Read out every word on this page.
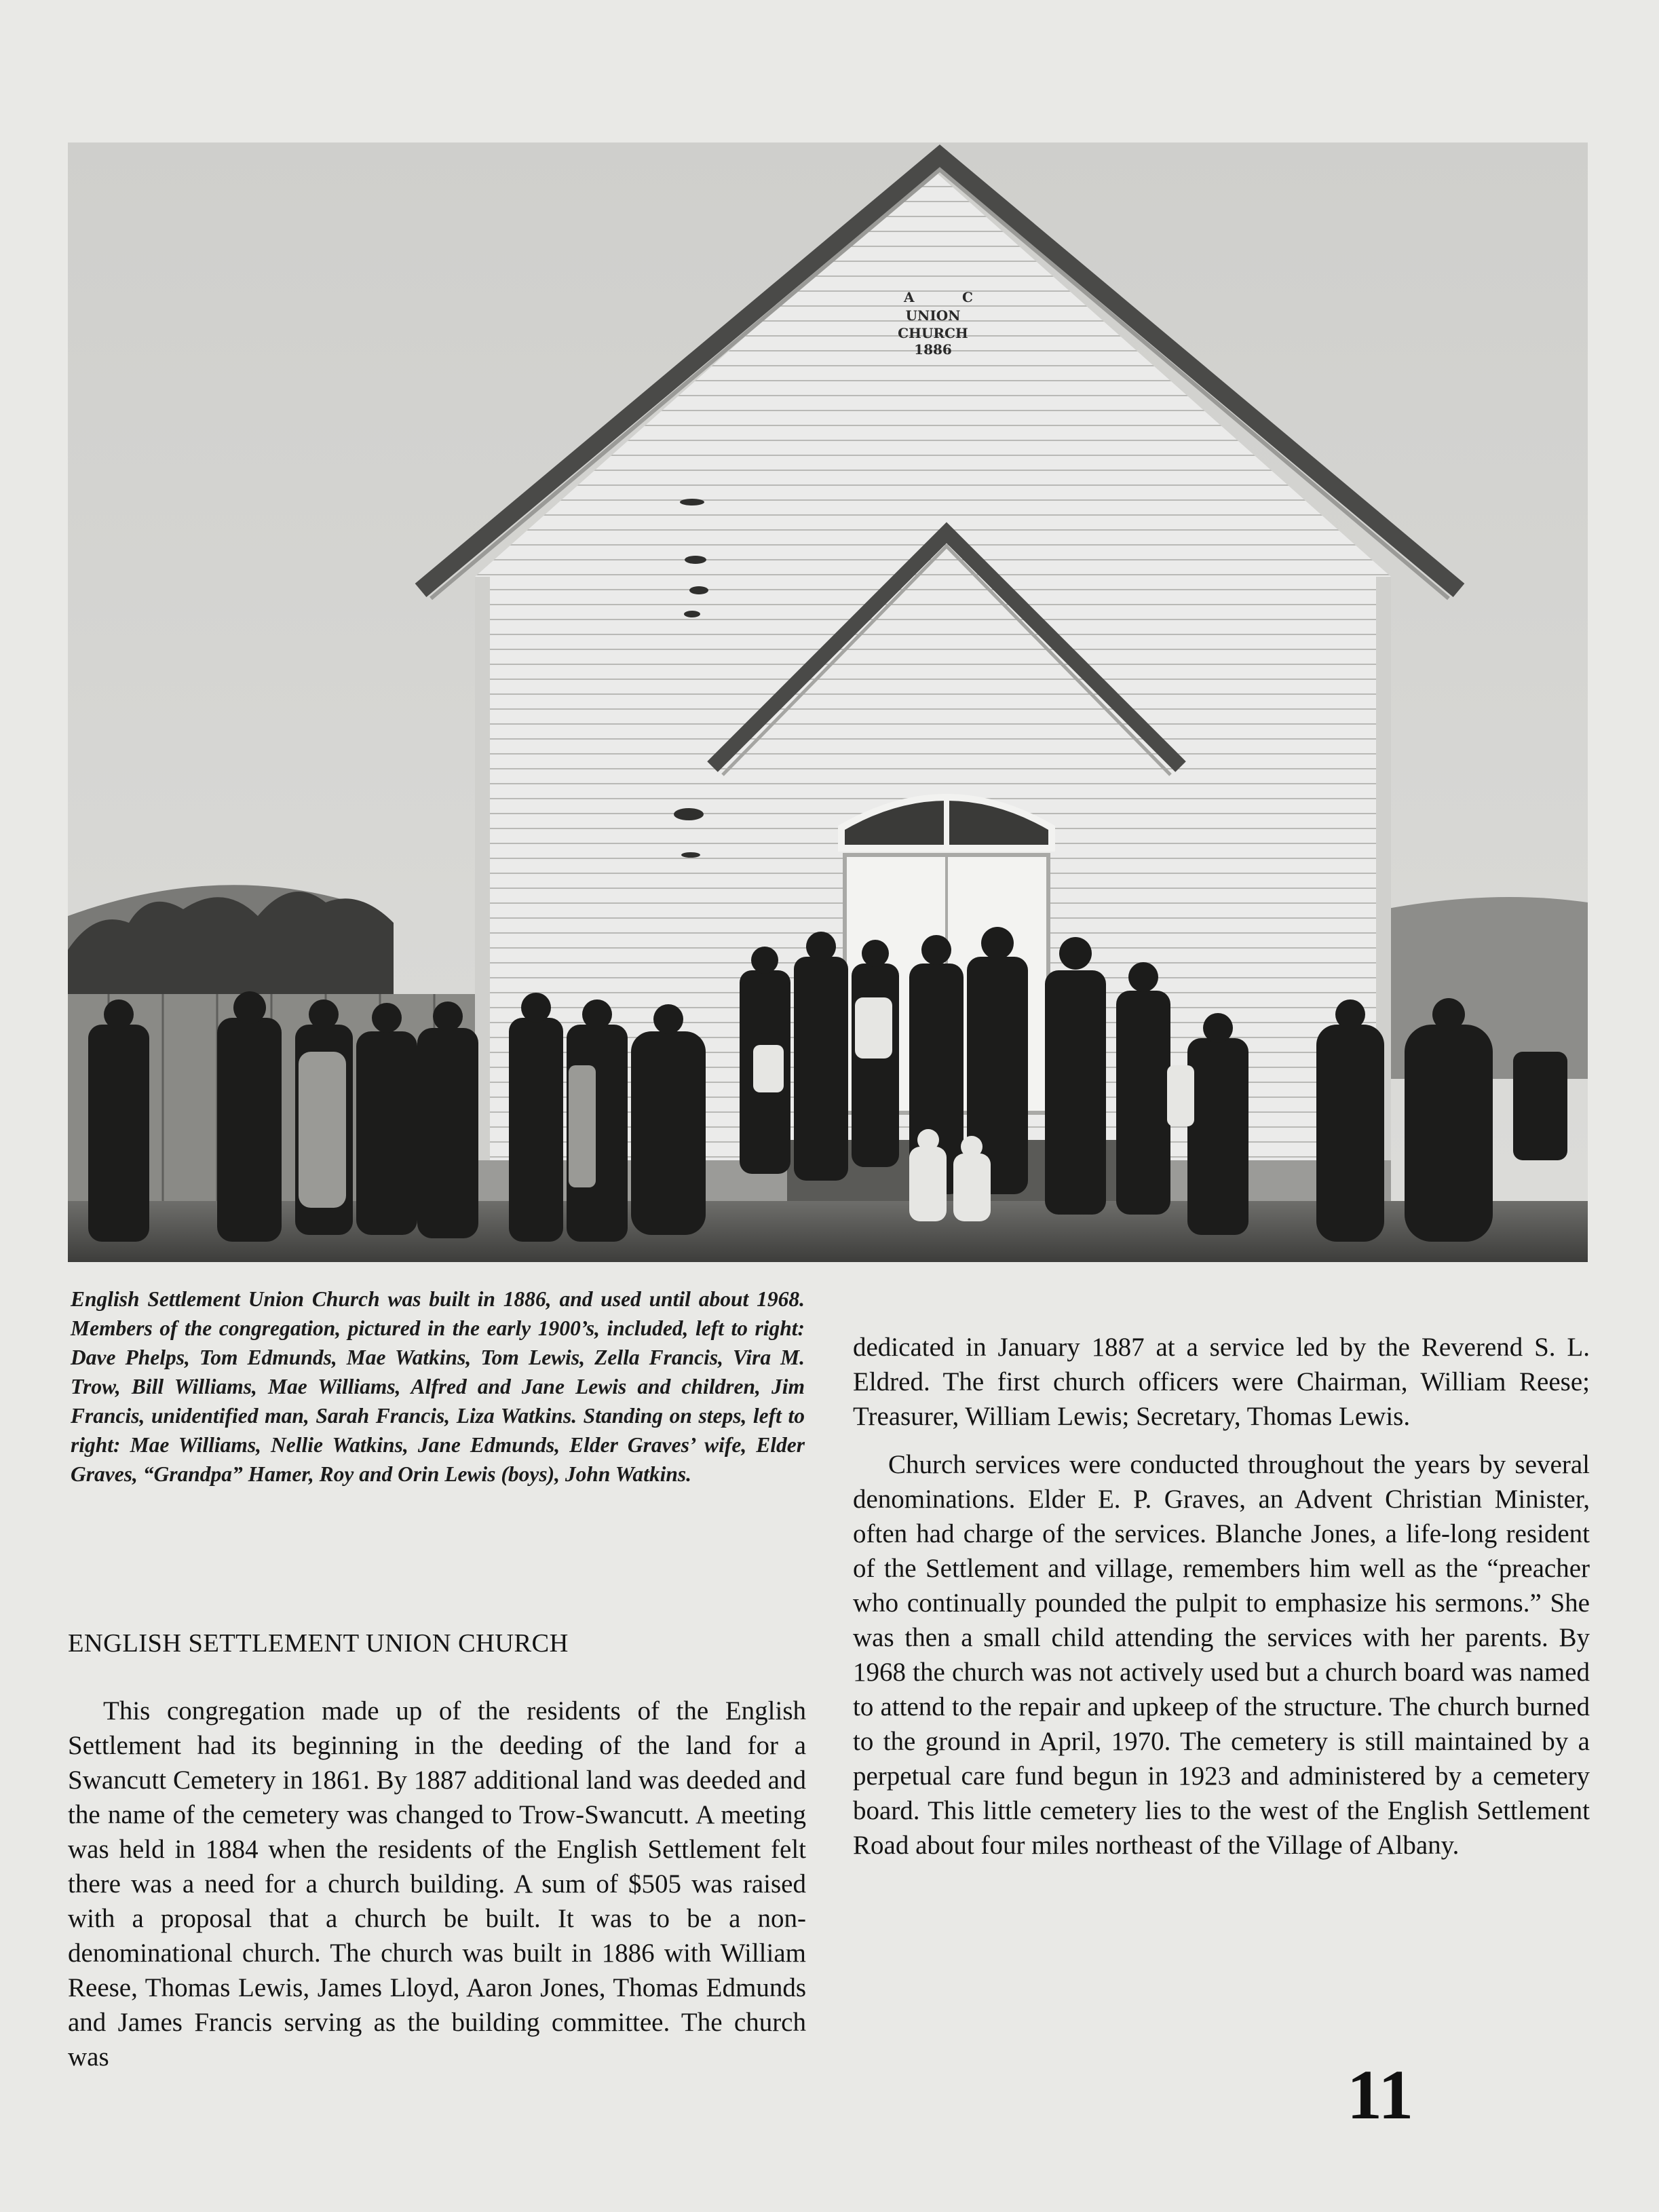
A	C
UNION
CHURCH
1886

English Settlement Union Church was built in 1886, and used until about 1968. Members of the congregation, pictured in the early 1900’s, included, left to right: Dave Phelps, Tom Edmunds, Mae Watkins, Tom Lewis, Zella Francis, Vira M. Trow, Bill Williams, Mae Williams, Alfred and Jane Lewis and children, Jim Francis, unidentified man, Sarah Francis, Liza Watkins. Standing on steps, left to right: Mae Williams, Nellie Watkins, Jane Edmunds, Elder Graves’ wife, Elder Graves, “Grandpa” Hamer, Roy and Orin Lewis (boys), John Watkins.

ENGLISH SETTLEMENT UNION CHURCH

This congregation made up of the residents of the English Settlement had its beginning in the deeding of the land for a Swancutt Cemetery in 1861. By 1887 additional land was deeded and the name of the cemetery was changed to Trow-Swancutt. A meeting was held in 1884 when the residents of the English Settlement felt there was a need for a church building. A sum of $505 was raised with a proposal that a church be built. It was to be a non-denominational church. The church was built in 1886 with William Reese, Thomas Lewis, James Lloyd, Aaron Jones, Thomas Edmunds and James Francis serving as the building committee. The church was

dedicated in January 1887 at a service led by the Reverend S. L. Eldred. The first church officers were Chairman, William Reese; Treasurer, William Lewis; Secretary, Thomas Lewis.

Church services were conducted throughout the years by several denominations. Elder E. P. Graves, an Advent Christian Minister, often had charge of the services. Blanche Jones, a life-long resident of the Settlement and village, remembers him well as the “preacher who continually pounded the pulpit to emphasize his sermons.” She was then a small child attending the services with her parents. By 1968 the church was not actively used but a church board was named to attend to the repair and upkeep of the structure. The church burned to the ground in April, 1970. The cemetery is still maintained by a perpetual care fund begun in 1923 and administered by a cemetery board. This little cemetery lies to the west of the English Settlement Road about four miles northeast of the Village of Albany.

11
